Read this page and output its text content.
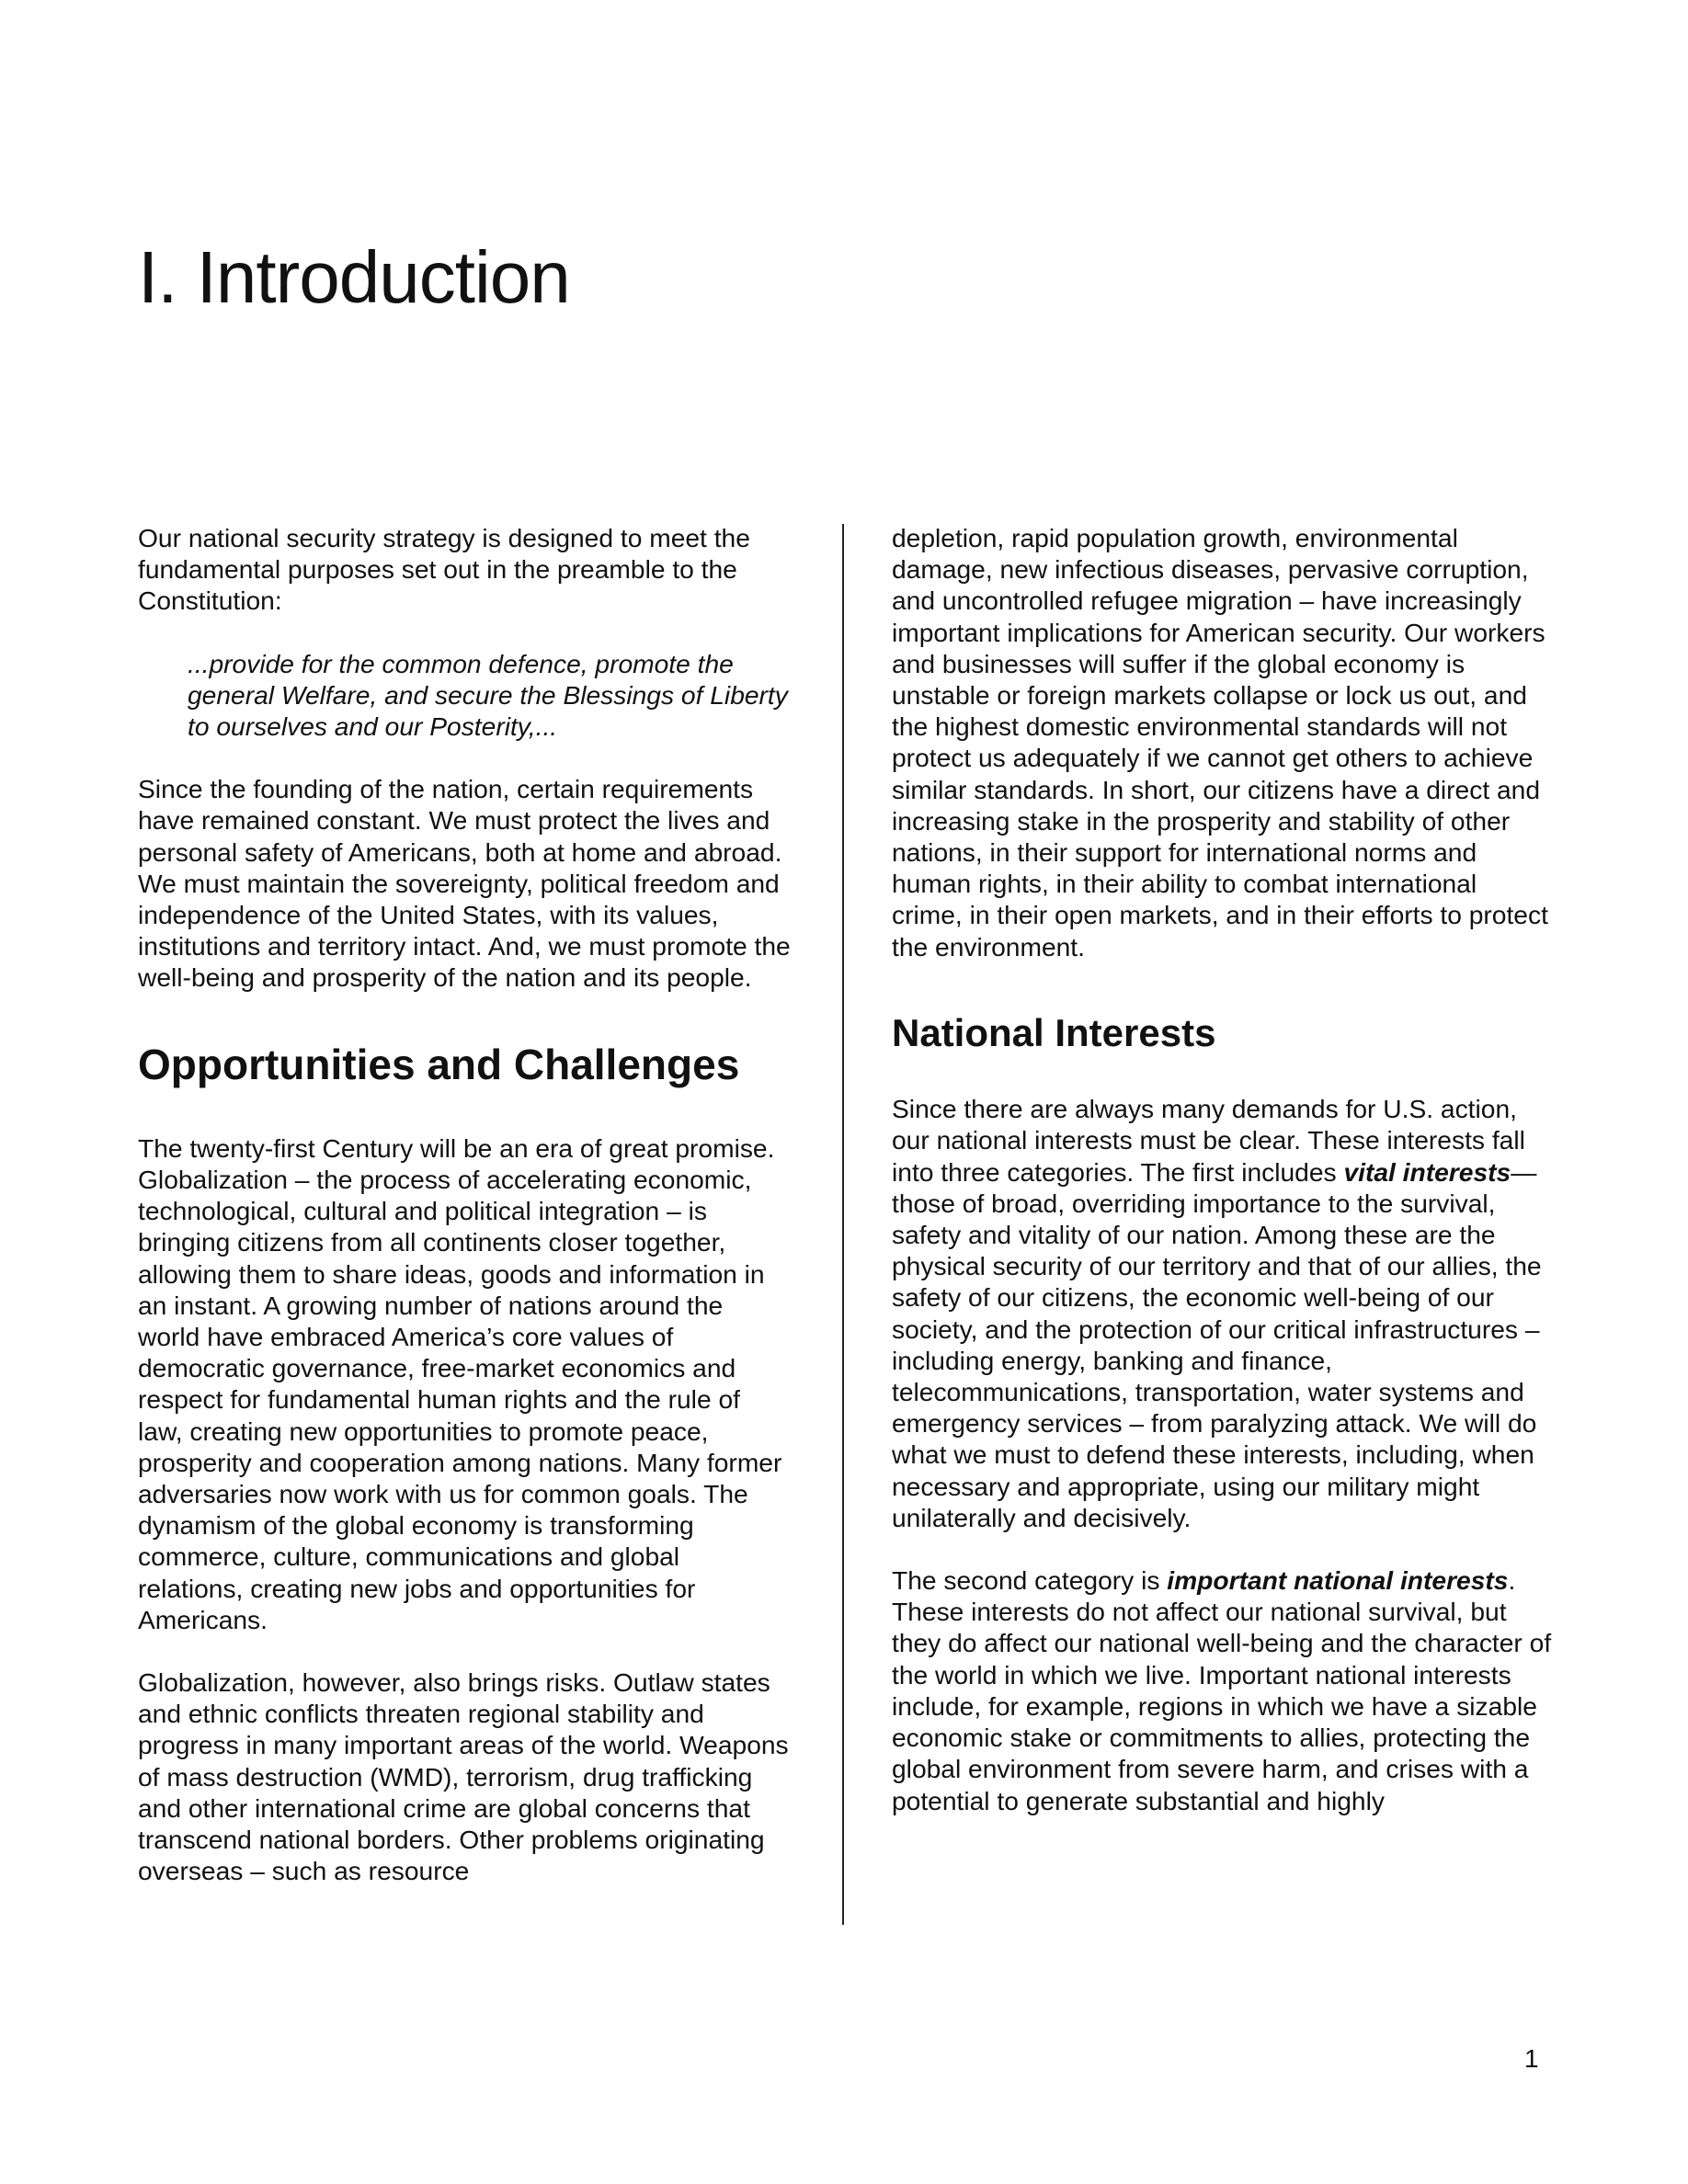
I. Introduction

Our national security strategy is designed to meet the fundamental purposes set out in the preamble to the Constitution:

...provide for the common defence, promote the general Welfare, and secure the Blessings of Liberty to ourselves and our Posterity,...

Since the founding of the nation, certain requirements have remained constant. We must protect the lives and personal safety of Americans, both at home and abroad. We must maintain the sovereignty, political freedom and independence of the United States, with its values, institutions and territory intact. And, we must promote the well-being and prosperity of the nation and its people.

Opportunities and Challenges

The twenty-first Century will be an era of great promise. Globalization – the process of accelerating economic, technological, cultural and political integration – is bringing citizens from all continents closer together, allowing them to share ideas, goods and information in an instant. A growing number of nations around the world have embraced America’s core values of democratic governance, free-market economics and respect for fundamental human rights and the rule of law, creating new opportunities to promote peace, prosperity and cooperation among nations. Many former adversaries now work with us for common goals. The dynamism of the global economy is transforming commerce, culture, communications and global relations, creating new jobs and opportunities for Americans.

Globalization, however, also brings risks. Outlaw states and ethnic conflicts threaten regional stability and progress in many important areas of the world. Weapons of mass destruction (WMD), terrorism, drug trafficking and other international crime are global concerns that transcend national borders. Other problems originating overseas – such as resource

depletion, rapid population growth, environmental damage, new infectious diseases, pervasive corruption, and uncontrolled refugee migration – have increasingly important implications for American security. Our workers and businesses will suffer if the global economy is unstable or foreign markets collapse or lock us out, and the highest domestic environmental standards will not protect us adequately if we cannot get others to achieve similar standards. In short, our citizens have a direct and increasing stake in the prosperity and stability of other nations, in their support for international norms and human rights, in their ability to combat international crime, in their open markets, and in their efforts to protect the environment.

National Interests

Since there are always many demands for U.S. action, our national interests must be clear. These interests fall into three categories. The first includes vital interests—those of broad, overriding importance to the survival, safety and vitality of our nation. Among these are the physical security of our territory and that of our allies, the safety of our citizens, the economic well-being of our society, and the protection of our critical infrastructures – including energy, banking and finance, telecommunications, transportation, water systems and emergency services – from paralyzing attack. We will do what we must to defend these interests, including, when necessary and appropriate, using our military might unilaterally and decisively.

The second category is important national interests. These interests do not affect our national survival, but they do affect our national well-being and the character of the world in which we live. Important national interests include, for example, regions in which we have a sizable economic stake or commitments to allies, protecting the global environment from severe harm, and crises with a potential to generate substantial and highly

1
